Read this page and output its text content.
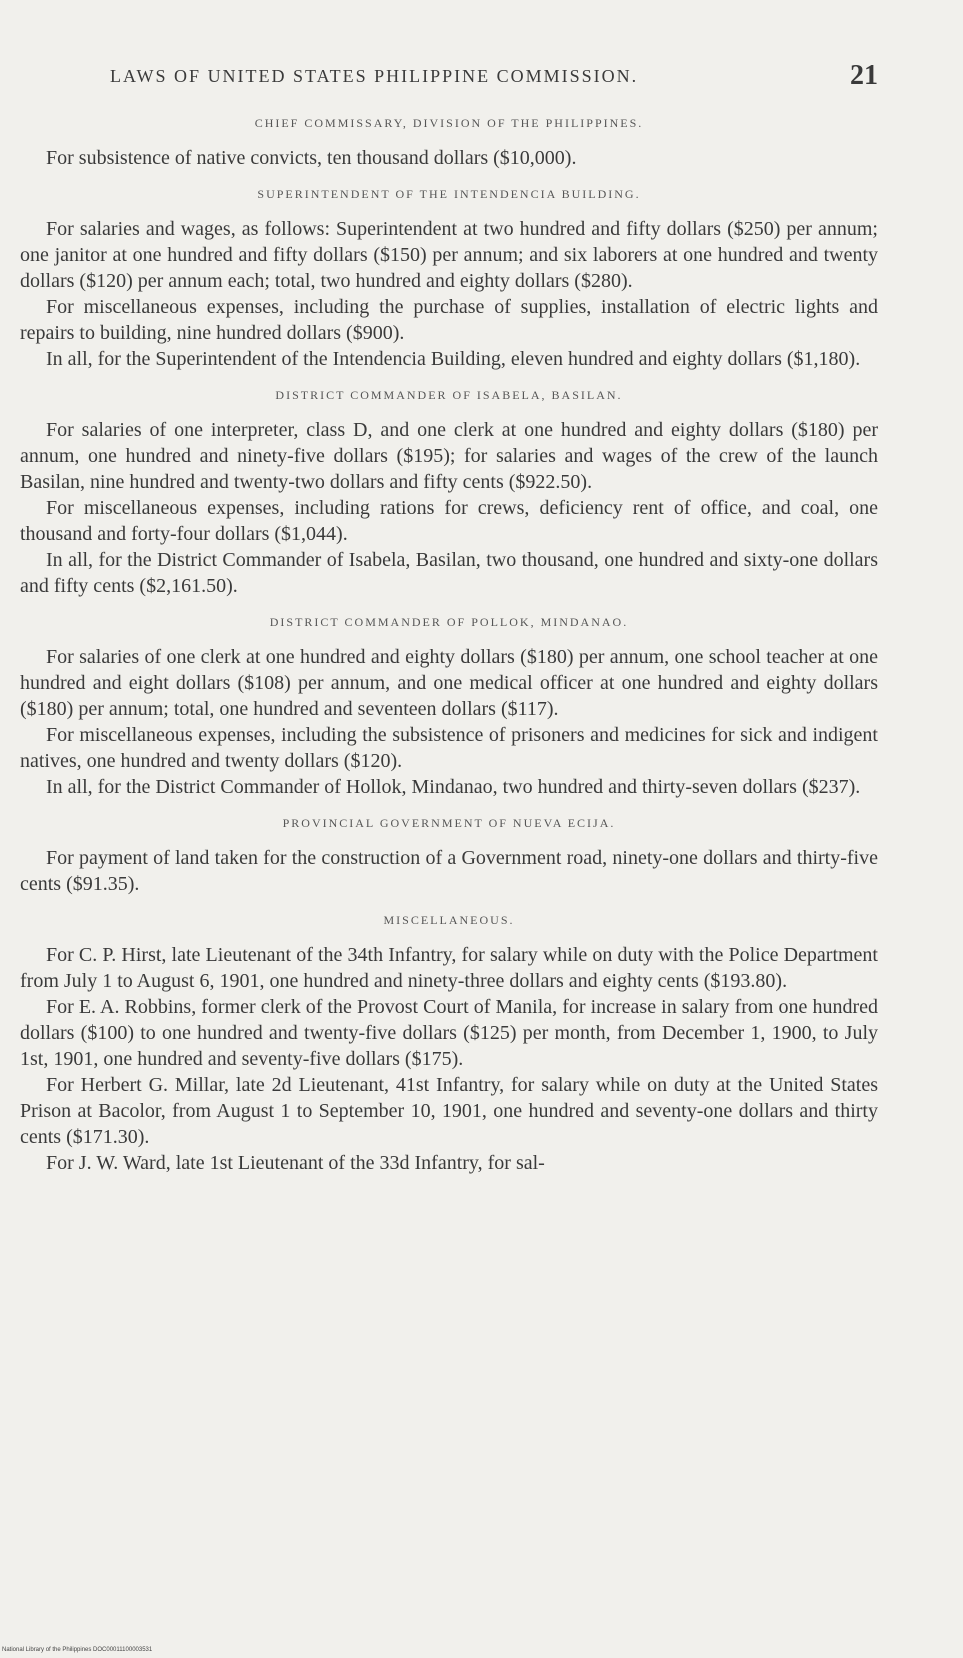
LAWS OF UNITED STATES PHILIPPINE COMMISSION.	21
CHIEF COMMISSARY, DIVISION OF THE PHILIPPINES.

For subsistence of native convicts, ten thousand dollars ($10,000).

SUPERINTENDENT OF THE INTENDENCIA BUILDING.

For salaries and wages, as follows: Superintendent at two hundred and fifty dollars ($250) per annum; one janitor at one hundred and fifty dollars ($150) per annum; and six laborers at one hundred and twenty dollars ($120) per annum each; total, two hundred and eighty dollars ($280).

For miscellaneous expenses, including the purchase of supplies, installation of electric lights and repairs to building, nine hundred dollars ($900).

In all, for the Superintendent of the Intendencia Building, eleven hundred and eighty dollars ($1,180).

DISTRICT COMMANDER OF ISABELA, BASILAN.

For salaries of one interpreter, class D, and one clerk at one hundred and eighty dollars ($180) per annum, one hundred and ninety-five dollars ($195); for salaries and wages of the crew of the launch Basilan, nine hundred and twenty-two dollars and fifty cents ($922.50).

For miscellaneous expenses, including rations for crews, deficiency rent of office, and coal, one thousand and forty-four dollars ($1,044).

In all, for the District Commander of Isabela, Basilan, two thousand, one hundred and sixty-one dollars and fifty cents ($2,161.50).

DISTRICT COMMANDER OF POLLOK, MINDANAO.

For salaries of one clerk at one hundred and eighty dollars ($180) per annum, one school teacher at one hundred and eight dollars ($108) per annum, and one medical officer at one hundred and eighty dollars ($180) per annum; total, one hundred and seventeen dollars ($117).

For miscellaneous expenses, including the subsistence of prisoners and medicines for sick and indigent natives, one hundred and twenty dollars ($120).

In all, for the District Commander of Hollok, Mindanao, two hundred and thirty-seven dollars ($237).

PROVINCIAL GOVERNMENT OF NUEVA ECIJA.

For payment of land taken for the construction of a Government road, ninety-one dollars and thirty-five cents ($91.35).

MISCELLANEOUS.

For C. P. Hirst, late Lieutenant of the 34th Infantry, for salary while on duty with the Police Department from July 1 to August 6, 1901, one hundred and ninety-three dollars and eighty cents ($193.80).

For E. A. Robbins, former clerk of the Provost Court of Manila, for increase in salary from one hundred dollars ($100) to one hundred and twenty-five dollars ($125) per month, from December 1, 1900, to July 1st, 1901, one hundred and seventy-five dollars ($175).

For Herbert G. Millar, late 2d Lieutenant, 41st Infantry, for salary while on duty at the United States Prison at Bacolor, from August 1 to September 10, 1901, one hundred and seventy-one dollars and thirty cents ($171.30).

For J. W. Ward, late 1st Lieutenant of the 33d Infantry, for sal-

National Library of the Philippines DOC00011100003531
